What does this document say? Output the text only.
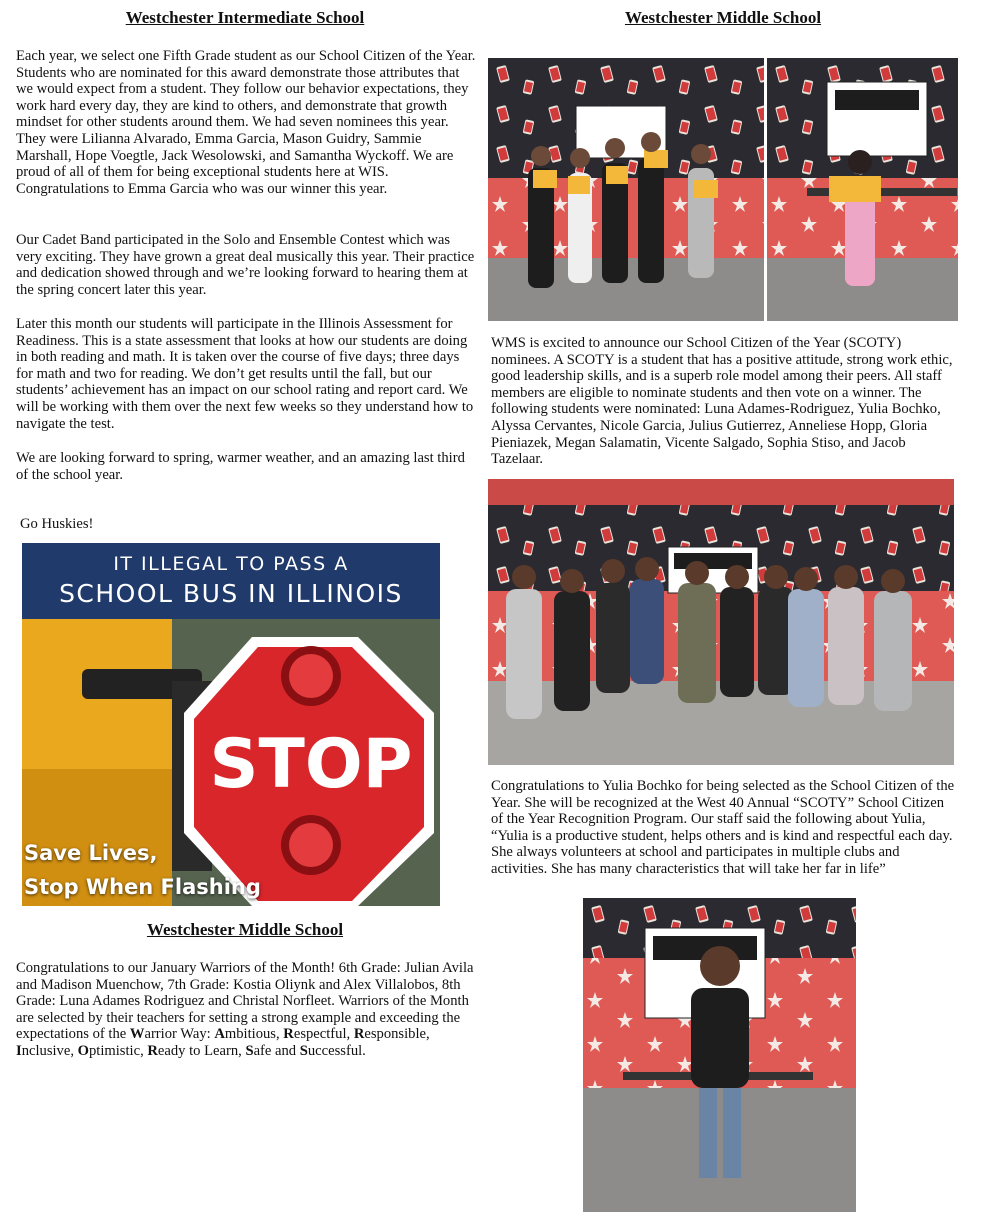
Westchester Intermediate School

Each year, we select one Fifth Grade student as our School Citizen of the Year. Students who are nominated for this award demonstrate those attributes that we would expect from a student. They follow our behavior expectations, they work hard every day, they are kind to others, and demonstrate that growth mindset for other students around them. We had seven nominees this year. They were Lilianna Alvarado, Emma Garcia, Mason Guidry, Sammie Marshall, Hope Voegtle, Jack Wesolowski, and Samantha Wyckoff. We are proud of all of them for being exceptional students here at WIS. Congratulations to Emma Garcia who was our winner this year.

Our Cadet Band participated in the Solo and Ensemble Contest which was very exciting. They have grown a great deal musically this year. Their practice and dedication showed through and we’re looking forward to hearing them at the spring concert later this year.

Later this month our students will participate in the Illinois Assessment for Readiness. This is a state assessment that looks at how our students are doing in both reading and math. It is taken over the course of five days; three days for math and two for reading. We don’t get results until the fall, but our students’ achievement has an impact on our school rating and report card. We will be working with them over the next few weeks so they understand how to navigate the test.

We are looking forward to spring, warmer weather, and an amazing last third of the school year.

Go Huskies!

IT ILLEGAL TO PASS A
SCHOOL BUS IN ILLINOIS
STOP
Save Lives,
Stop When Flashing
Westchester Middle School

Congratulations to our January Warriors of the Month! 6th Grade: Julian Avila and Madison Muenchow, 7th Grade: Kostia Oliynk and Alex Villalobos, 8th Grade: Luna Adames Rodriguez and Christal Norfleet. Warriors of the Month are selected by their teachers for setting a strong example and exceeding the expectations of the Warrior Way: Ambitious, Respectful, Responsible, Inclusive, Optimistic, Ready to Learn, Safe and Successful.

Westchester Middle School

WMS is excited to announce our School Citizen of the Year (SCOTY) nominees. A SCOTY is a student that has a positive attitude, strong work ethic, good leadership skills, and is a superb role model among their peers. All staff members are eligible to nominate students and then vote on a winner. The following students were nominated: Luna Adames-Rodriguez, Yulia Bochko, Alyssa Cervantes, Nicole Garcia, Julius Gutierrez, Anneliese Hopp, Gloria Pieniazek, Megan Salamatin, Vicente Salgado, Sophia Stiso, and Jacob Tazelaar.

Congratulations to Yulia Bochko for being selected as the School Citizen of the Year. She will be recognized at the West 40 Annual “SCOTY” School Citizen of the Year Recognition Program. Our staff said the following about Yulia, “Yulia is a productive student, helps others and is kind and respectful each day. She always volunteers at school and participates in multiple clubs and activities. She has many characteristics that will take her far in life”
